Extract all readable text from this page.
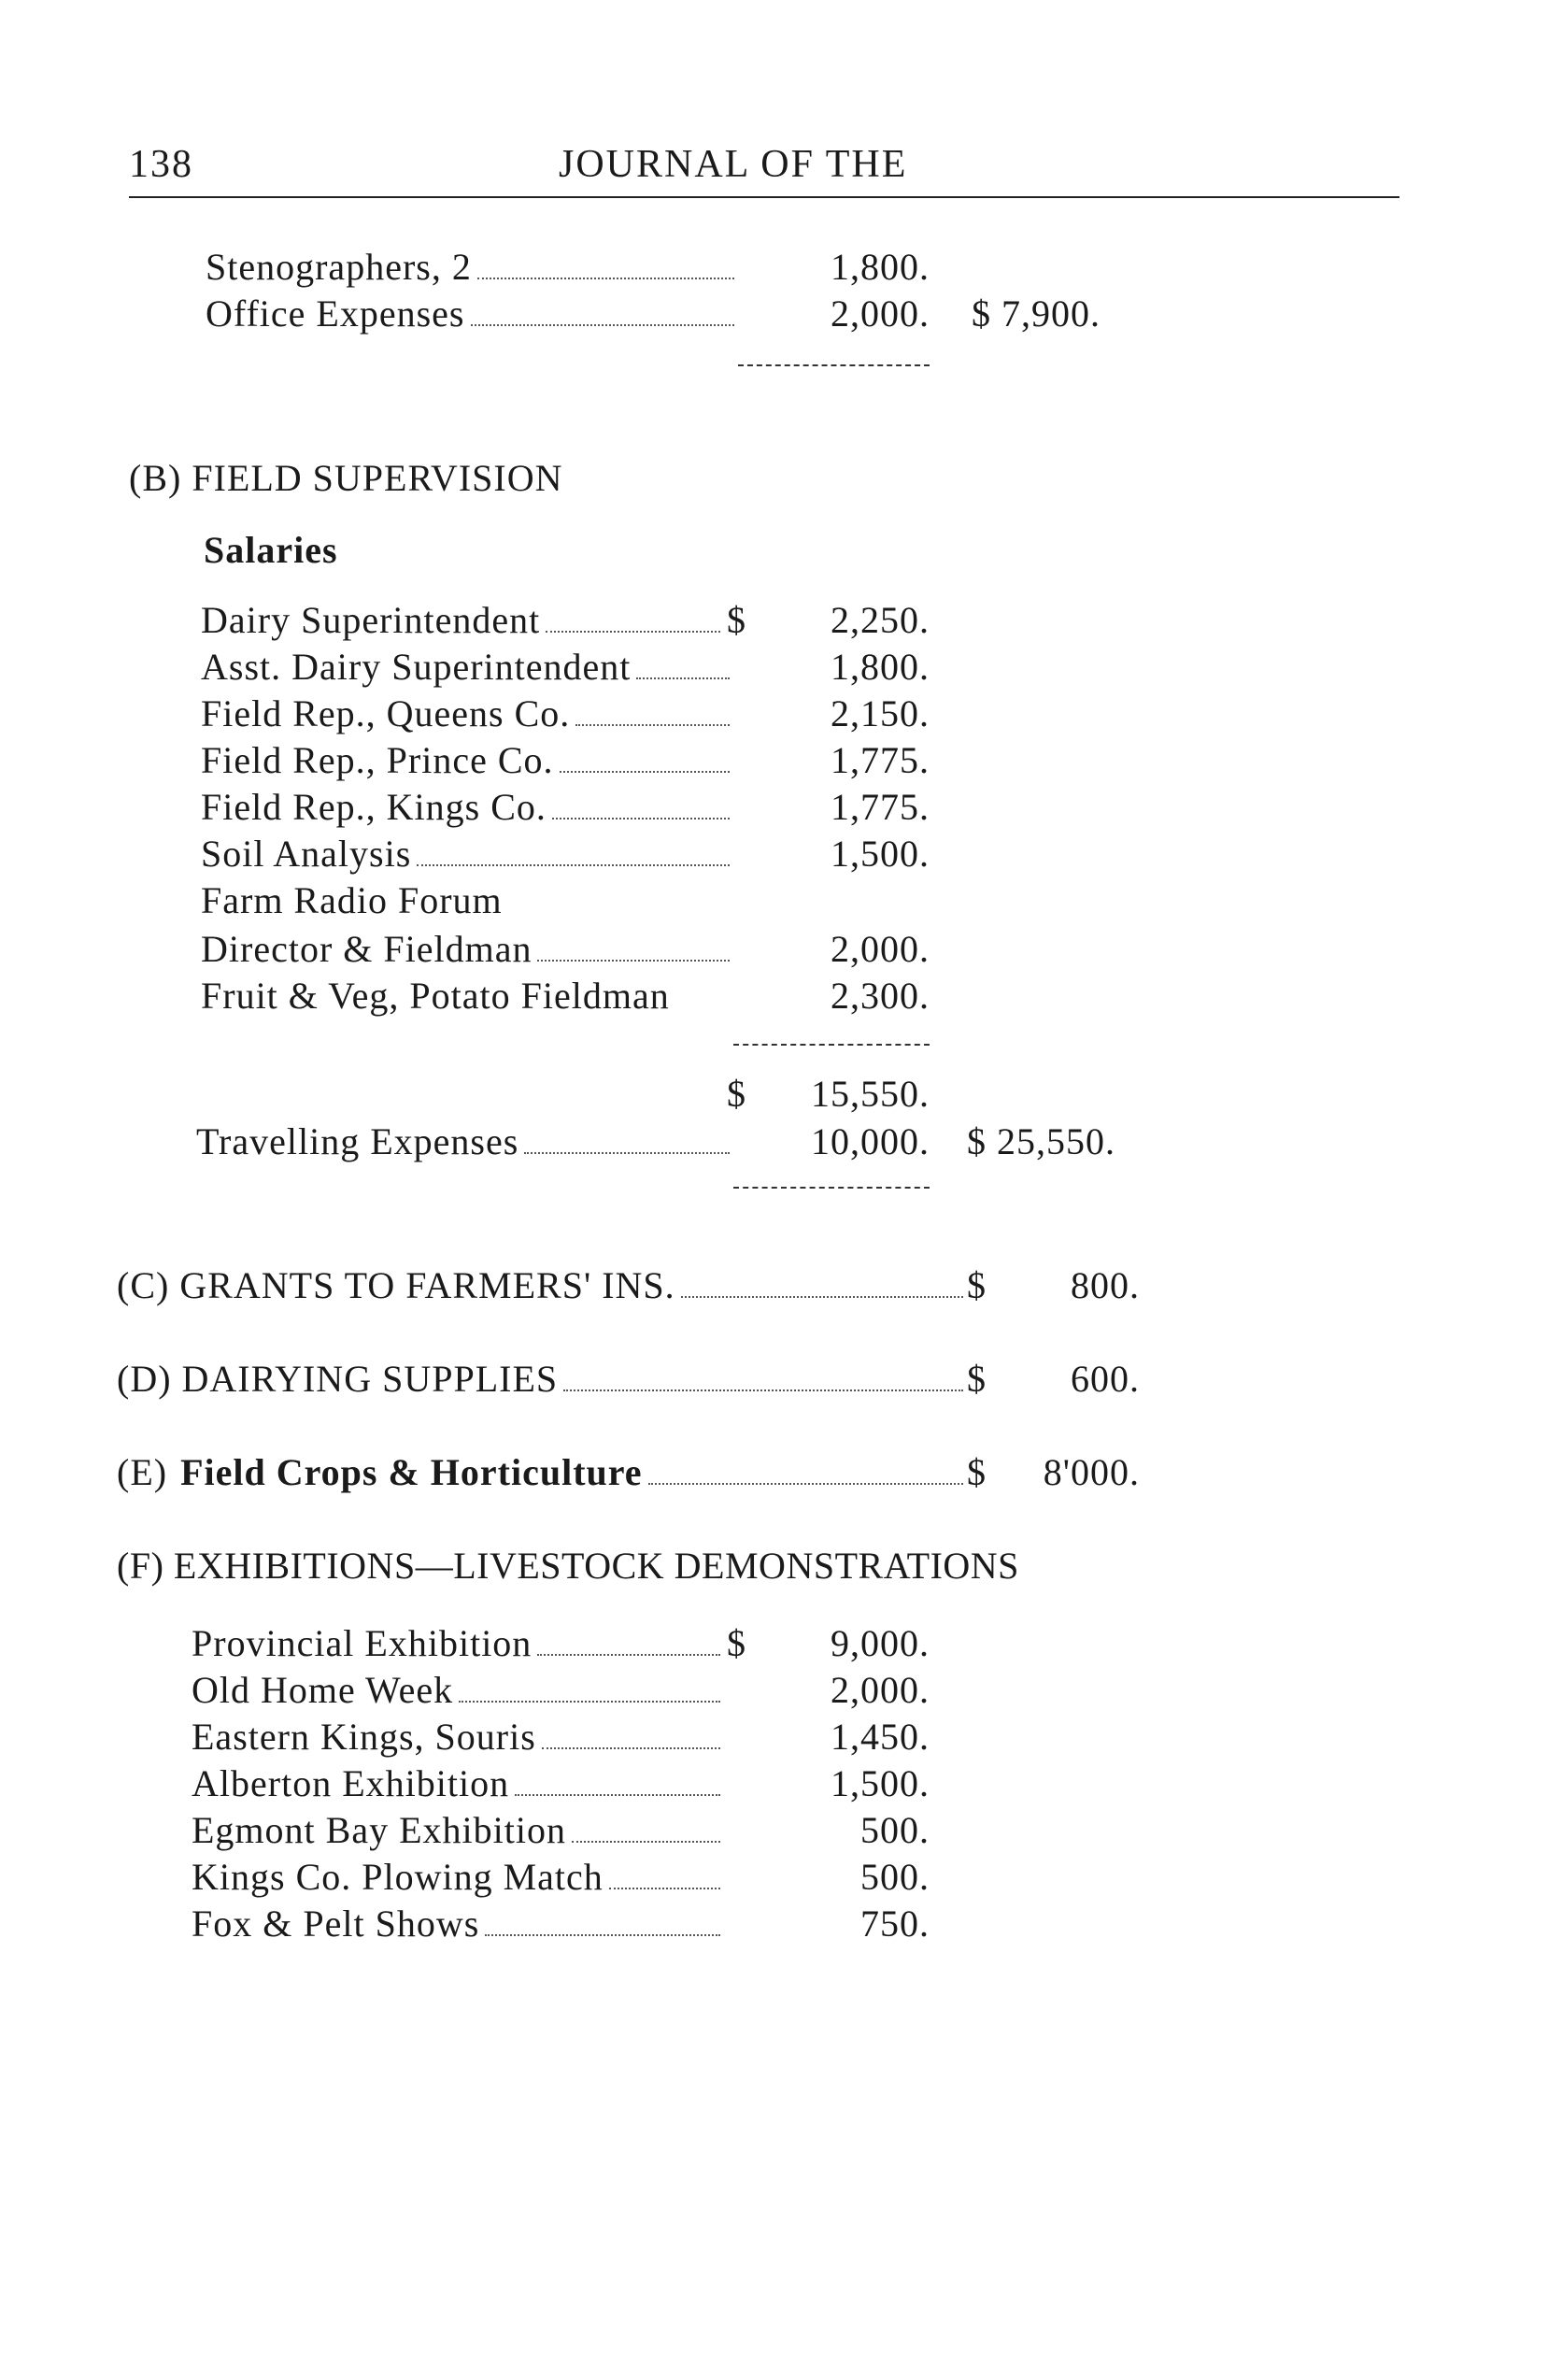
138	JOURNAL OF THE
Stenographers, 2	1,800.
Office Expenses	2,000. $ 7,900.
(B) FIELD SUPERVISION
Salaries
Dairy Superintendent	$	2,250.
Asst. Dairy Superintendent	1,800.
Field Rep., Queens Co.	2,150.
Field Rep., Prince Co.	1,775.
Field Rep., Kings Co.	1,775.
Soil Analysis	1,500.
Farm Radio Forum
Director & Fieldman	2,000.
Fruit & Veg, Potato Fieldman	2,300.
$	15,550.
Travelling Expenses	10,000. $ 25,550.
(C) GRANTS TO FARMERS' INS.	$	800.
(D) DAIRYING SUPPLIES	$	600.
(E) Field Crops & Horticulture	$	8'000.
(F) EXHIBITIONS—LIVESTOCK DEMONSTRATIONS
Provincial Exhibition	$	9,000.
Old Home Week	2,000.
Eastern Kings, Souris	1,450.
Alberton Exhibition	1,500.
Egmont Bay Exhibition	500.
Kings Co. Plowing Match	500.
Fox & Pelt Shows	750.
